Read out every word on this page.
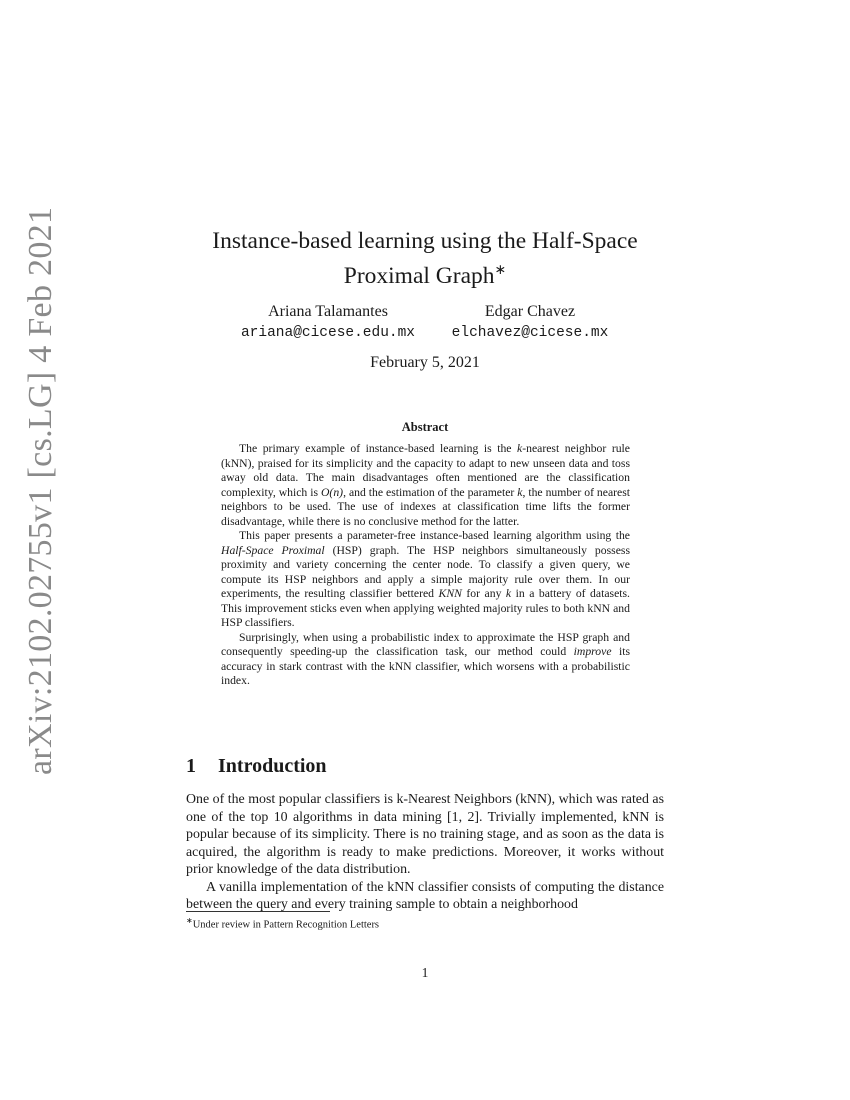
arXiv:2102.02755v1 [cs.LG] 4 Feb 2021	Instance-based learning using the Half-Space
Proximal Graph∗
Ariana Talamantes
ariana@cicese.edu.mx
Edgar Chavez
elchavez@cicese.mx
February 5, 2021
Abstract

The primary example of instance-based learning is the k-nearest neighbor rule (kNN), praised for its simplicity and the capacity to adapt to new unseen data and toss away old data. The main disadvantages often mentioned are the classification complexity, which is O(n), and the estimation of the parameter k, the number of nearest neighbors to be used. The use of indexes at classification time lifts the former disadvantage, while there is no conclusive method for the latter.

This paper presents a parameter-free instance-based learning algorithm using the Half-Space Proximal (HSP) graph. The HSP neighbors simultaneously possess proximity and variety concerning the center node. To classify a given query, we compute its HSP neighbors and apply a simple majority rule over them. In our experiments, the resulting classifier bettered KNN for any k in a battery of datasets. This improvement sticks even when applying weighted majority rules to both kNN and HSP classifiers.

Surprisingly, when using a probabilistic index to approximate the HSP graph and consequently speeding-up the classification task, our method could improve its accuracy in stark contrast with the kNN classifier, which worsens with a probabilistic index.

1 Introduction

One of the most popular classifiers is k-Nearest Neighbors (kNN), which was rated as one of the top 10 algorithms in data mining [1, 2]. Trivially implemented, kNN is popular because of its simplicity. There is no training stage, and as soon as the data is acquired, the algorithm is ready to make predictions. Moreover, it works without prior knowledge of the data distribution.

A vanilla implementation of the kNN classifier consists of computing the distance between the query and every training sample to obtain a neighborhood

∗Under review in Pattern Recognition Letters
1
